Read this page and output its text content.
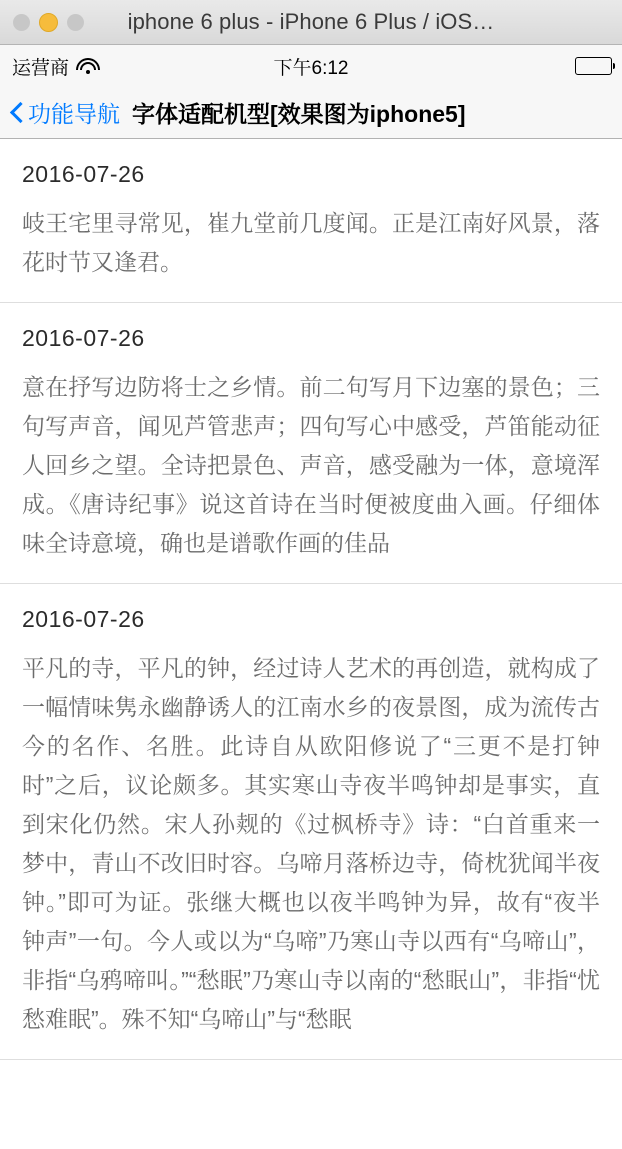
iphone 6 plus - iPhone 6 Plus / iOS…
运营商	下午6:12
功能导航 字体适配机型[效果图为iphone5]
2016-07-26
岐王宅里寻常见，崔九堂前几度闻。正是江南好风景，落花时节又逢君。
2016-07-26
意在抒写边防将士之乡情。前二句写月下边塞的景色；三句写声音，闻见芦管悲声；四句写心中感受，芦笛能动征人回乡之望。全诗把景色、声音，感受融为一体，意境浑成。《唐诗纪事》说这首诗在当时便被度曲入画。仔细体味全诗意境，确也是谱歌作画的佳品
2016-07-26
平凡的寺，平凡的钟，经过诗人艺术的再创造，就构成了一幅情味隽永幽静诱人的江南水乡的夜景图，成为流传古今的名作、名胜。此诗自从欧阳修说了“三更不是打钟时”之后，议论颇多。其实寒山寺夜半鸣钟却是事实，直到宋化仍然。宋人孙觌的《过枫桥寺》诗：“白首重来一梦中，青山不改旧时容。乌啼月落桥边寺，倚枕犹闻半夜钟。”即可为证。张继大概也以夜半鸣钟为异，故有“夜半钟声”一句。今人或以为“乌啼”乃寒山寺以西有“乌啼山”，非指“乌鸦啼叫。”“愁眠”乃寒山寺以南的“愁眠山”，非指“忧愁难眠”。殊不知“乌啼山”与“愁眠
